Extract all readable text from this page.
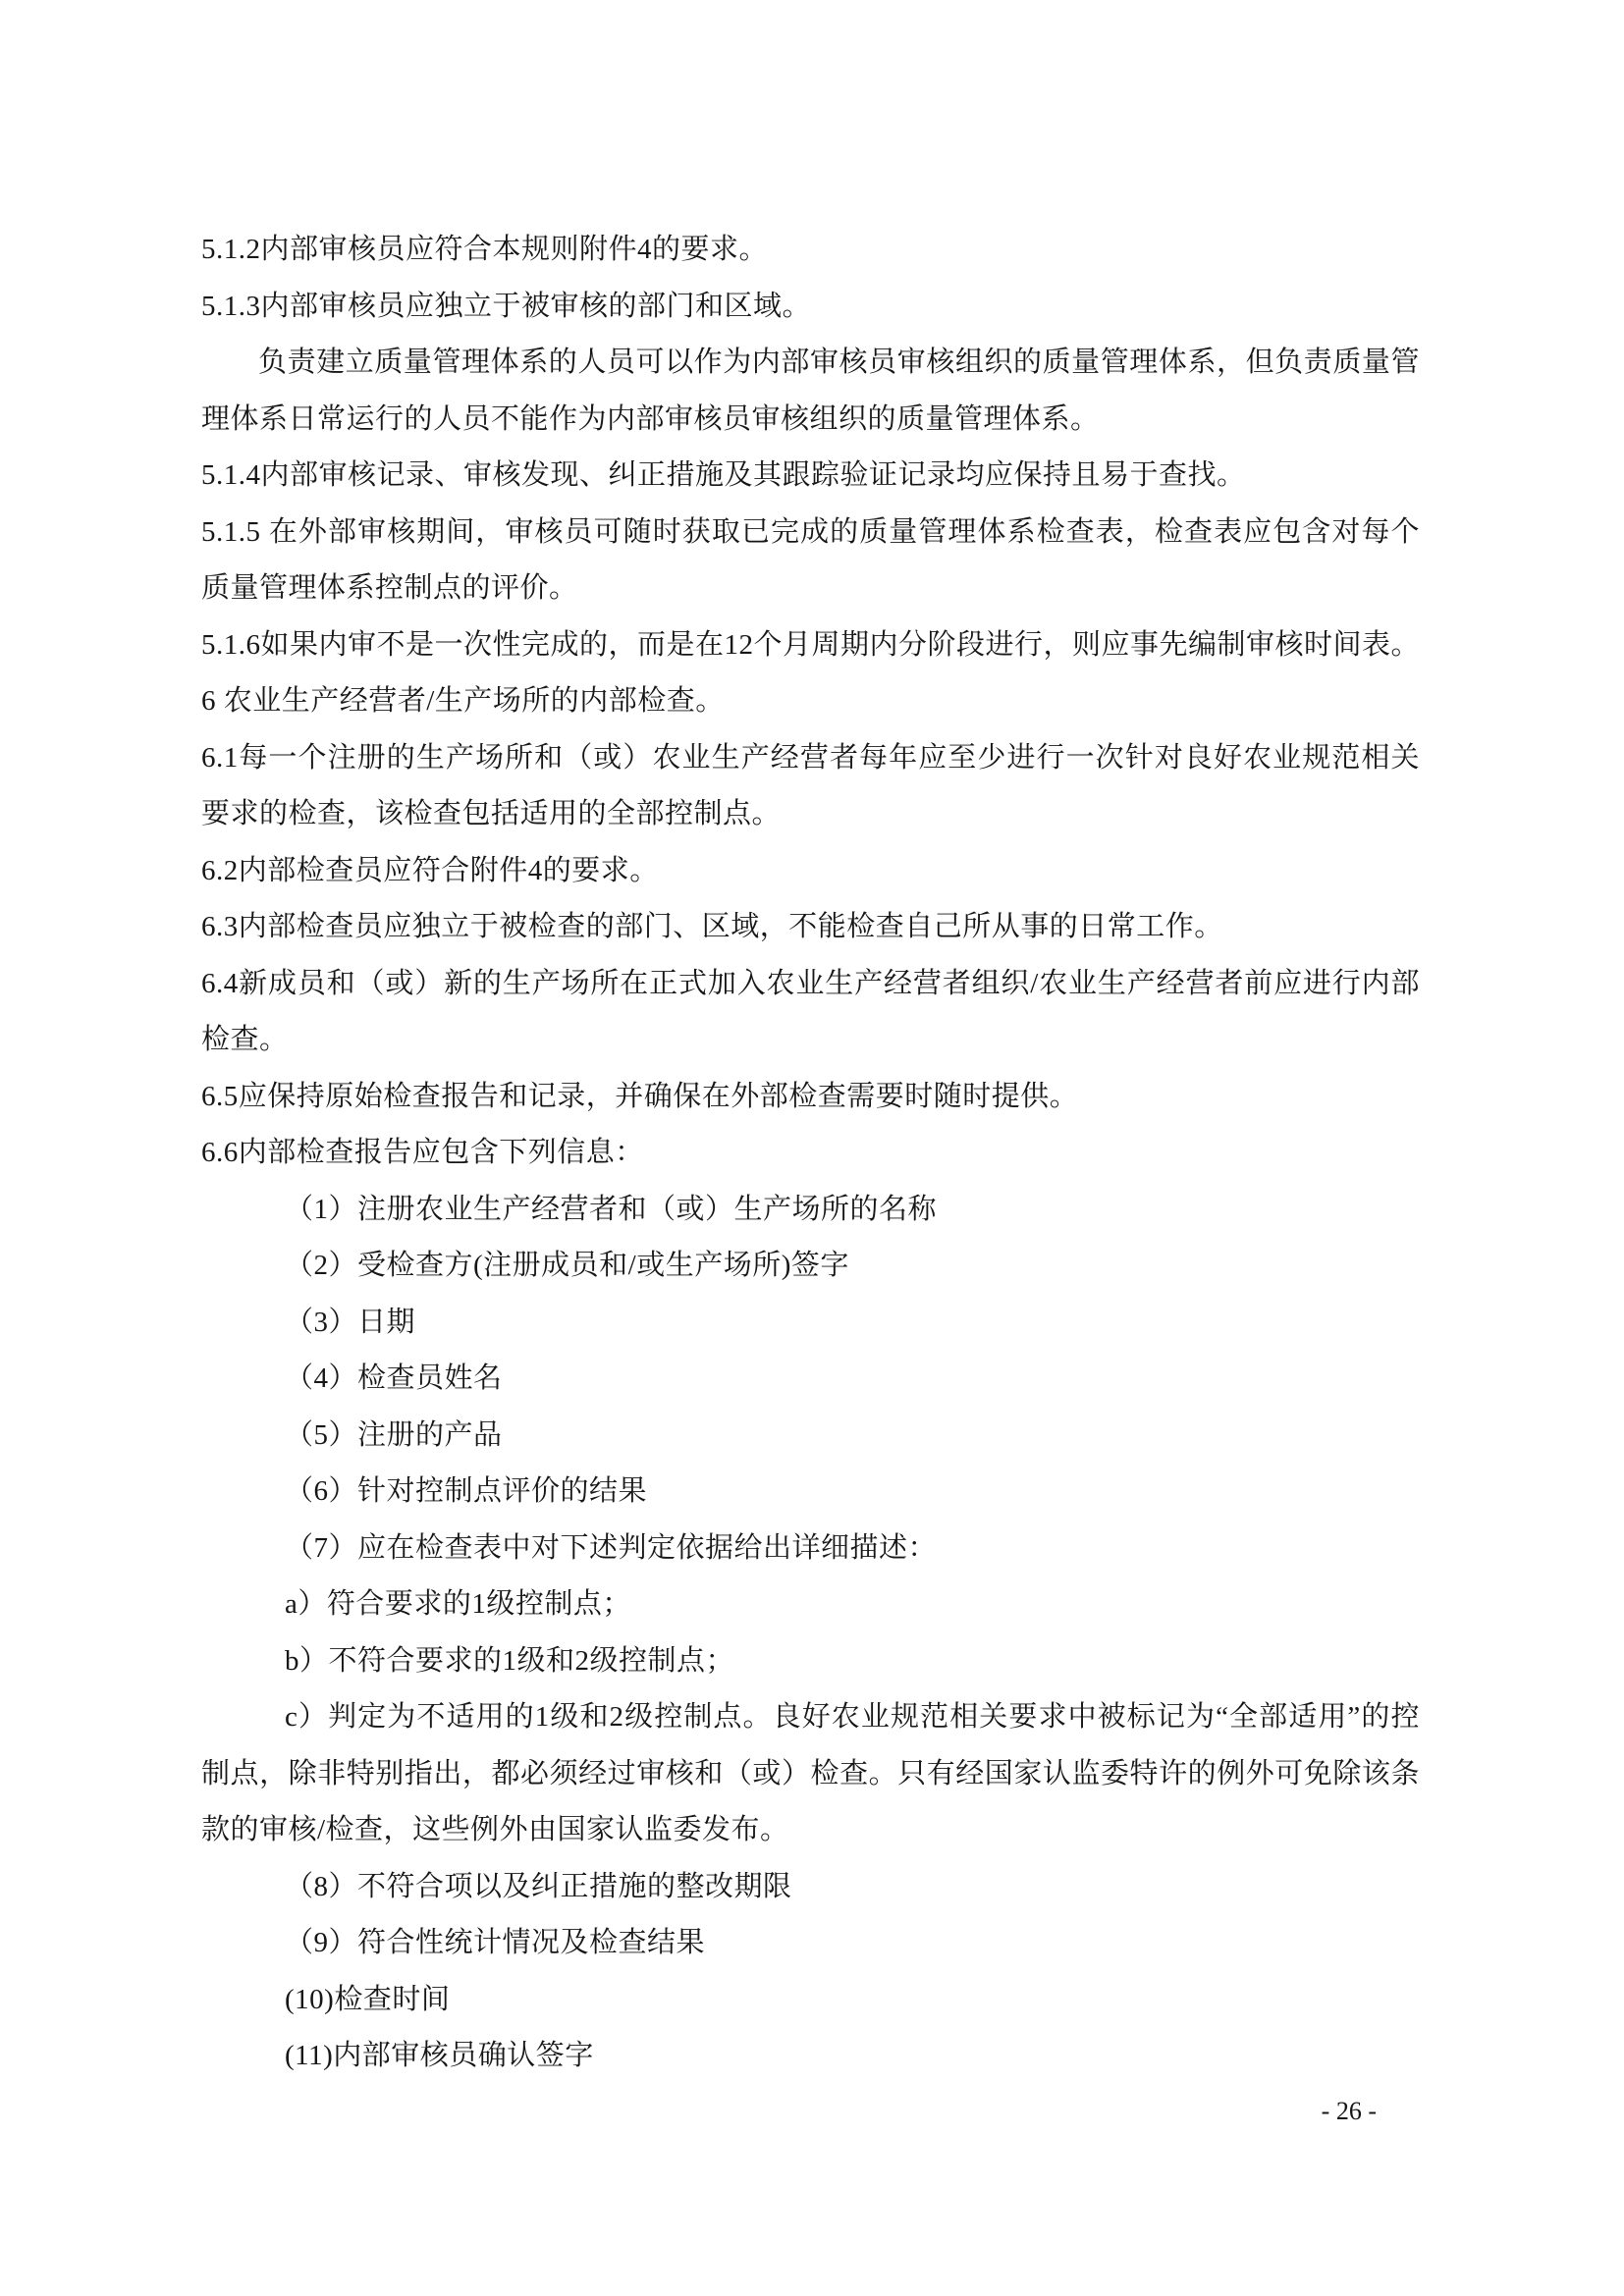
5.1.2内部审核员应符合本规则附件4的要求。

5.1.3内部审核员应独立于被审核的部门和区域。

负责建立质量管理体系的人员可以作为内部审核员审核组织的质量管理体系，但负责质量管理体系日常运行的人员不能作为内部审核员审核组织的质量管理体系。

5.1.4内部审核记录、审核发现、纠正措施及其跟踪验证记录均应保持且易于查找。

5.1.5 在外部审核期间，审核员可随时获取已完成的质量管理体系检查表，检查表应包含对每个质量管理体系控制点的评价。

5.1.6如果内审不是一次性完成的，而是在12个月周期内分阶段进行，则应事先编制审核时间表。

6 农业生产经营者/生产场所的内部检查。

6.1每一个注册的生产场所和（或）农业生产经营者每年应至少进行一次针对良好农业规范相关要求的检查，该检查包括适用的全部控制点。

6.2内部检查员应符合附件4的要求。

6.3内部检查员应独立于被检查的部门、区域，不能检查自己所从事的日常工作。

6.4新成员和（或）新的生产场所在正式加入农业生产经营者组织/农业生产经营者前应进行内部检查。

6.5应保持原始检查报告和记录，并确保在外部检查需要时随时提供。

6.6内部检查报告应包含下列信息：

（1）注册农业生产经营者和（或）生产场所的名称

（2）受检查方(注册成员和/或生产场所)签字

（3）日期

（4）检查员姓名

（5）注册的产品

（6）针对控制点评价的结果

（7）应在检查表中对下述判定依据给出详细描述：

a）符合要求的1级控制点；

b）不符合要求的1级和2级控制点；

c）判定为不适用的1级和2级控制点。良好农业规范相关要求中被标记为“全部适用”的控制点，除非特别指出，都必须经过审核和（或）检查。只有经国家认监委特许的例外可免除该条款的审核/检查，这些例外由国家认监委发布。

（8）不符合项以及纠正措施的整改期限

（9）符合性统计情况及检查结果

(10)检查时间

(11)内部审核员确认签字

- 26 -
